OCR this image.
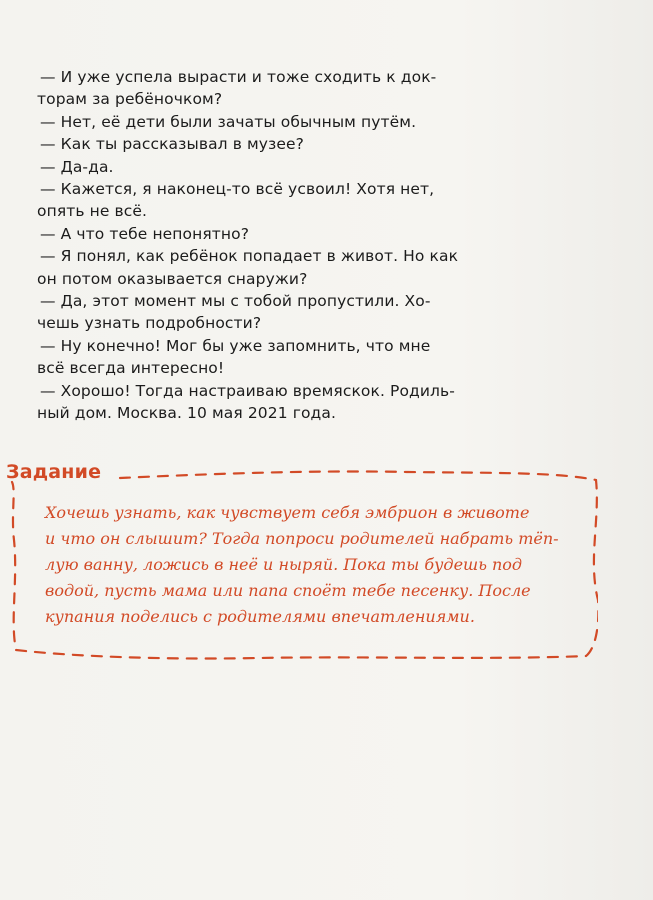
— И уже успела вырасти и тоже сходить к док-

торам за ребёночком?

— Нет, её дети были зачаты обычным путём.

— Как ты рассказывал в музее?

— Да-да.

— Кажется, я наконец-то всё усвоил! Хотя нет,

опять не всё.

— А что тебе непонятно?

— Я понял, как ребёнок попадает в живот. Но как

он потом оказывается снаружи?

— Да, этот момент мы с тобой пропустили. Хо-

чешь узнать подробности?

— Ну конечно! Мог бы уже запомнить, что мне

всё всегда интересно!

— Хорошо! Тогда настраиваю времяскок. Родиль-

ный дом. Москва. 10 мая 2021 года.

Задание

Хочешь узнать, как чувствует себя эмбрион в животе

и что он слышит? Тогда попроси родителей набрать тёп-

лую ванну, ложись в неё и ныряй. Пока ты будешь под

водой, пусть мама или папа споёт тебе песенку. После

купания поделись с родителями впечатлениями.
